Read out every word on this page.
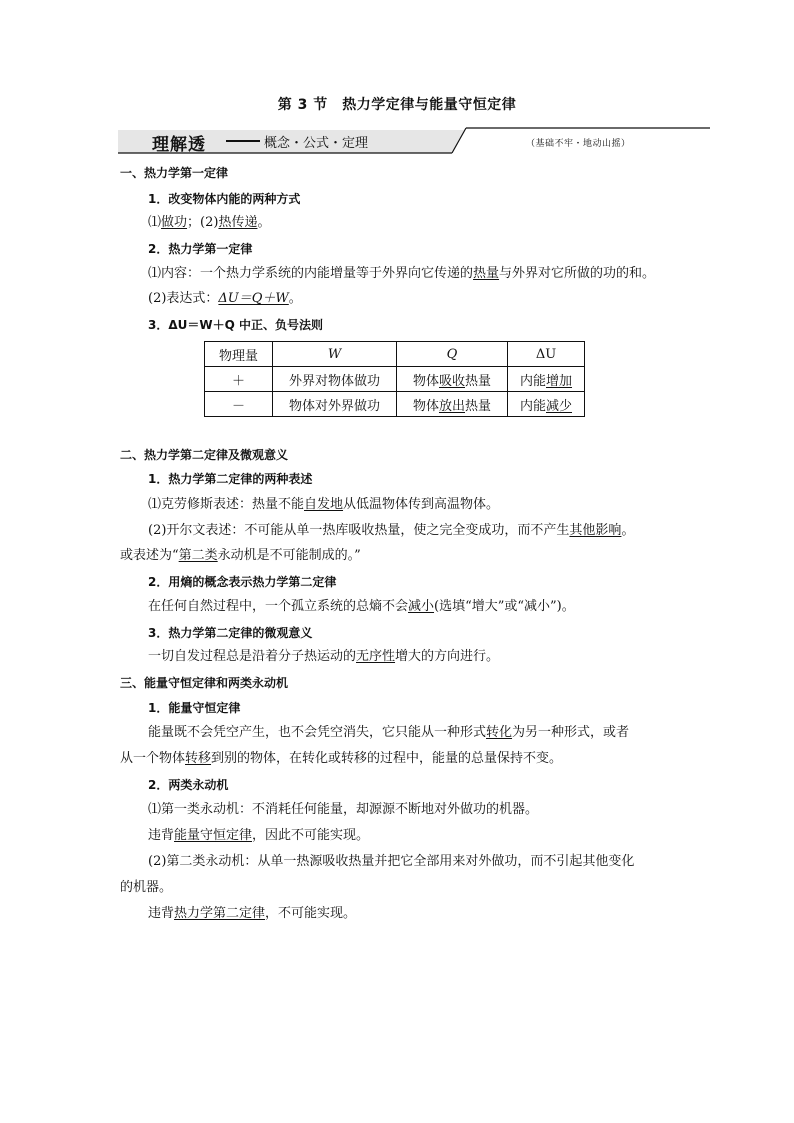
第 3 节　热力学定律与能量守恒定律
理解透	概念・公式・定理	（基础不牢・地动山摇）
一、热力学第一定律
1．改变物体内能的两种方式
⑴做功；(2)热传递。
2．热力学第一定律
⑴内容：一个热力学系统的内能增量等于外界向它传递的热量与外界对它所做的功的和。
(2)表达式：ΔU＝Q＋W。
3．ΔU＝W＋Q 中正、负号法则
物理量	W	Q	ΔU
＋	外界对物体做功	物体吸收热量	内能增加
－	物体对外界做功	物体放出热量	内能减少
二、热力学第二定律及微观意义
1．热力学第二定律的两种表述
⑴克劳修斯表述：热量不能自发地从低温物体传到高温物体。
(2)开尔文表述：不可能从单一热库吸收热量，使之完全变成功，而不产生其他影响。
或表述为“第二类永动机是不可能制成的。”
2．用熵的概念表示热力学第二定律
在任何自然过程中，一个孤立系统的总熵不会减小(选填“增大”或“减小”)。
3．热力学第二定律的微观意义
一切自发过程总是沿着分子热运动的无序性增大的方向进行。
三、能量守恒定律和两类永动机
1．能量守恒定律
能量既不会凭空产生，也不会凭空消失，它只能从一种形式转化为另一种形式，或者
从一个物体转移到别的物体，在转化或转移的过程中，能量的总量保持不变。
2．两类永动机
⑴第一类永动机：不消耗任何能量，却源源不断地对外做功的机器。
违背能量守恒定律，因此不可能实现。
(2)第二类永动机：从单一热源吸收热量并把它全部用来对外做功，而不引起其他变化
的机器。
违背热力学第二定律，不可能实现。
